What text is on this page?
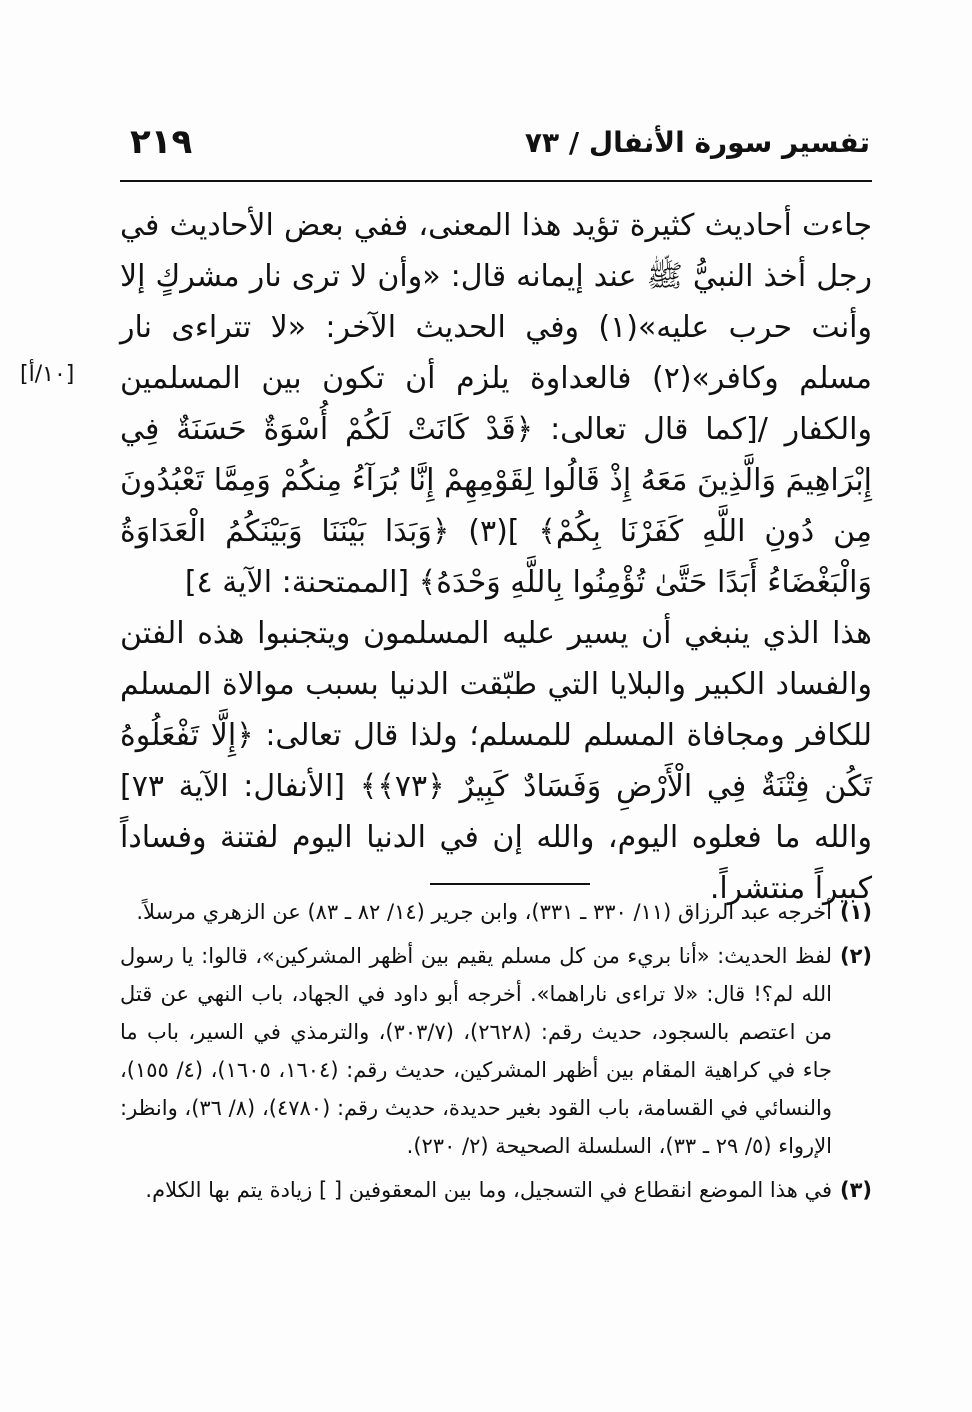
تفسير سورة الأنفال / ٧٣
٢١٩
[١٠/أ]

جاءت أحاديث كثيرة تؤيد هذا المعنى، ففي بعض الأحاديث في رجل أخذ النبيُّ ﷺ عند إيمانه قال: «وأن لا ترى نار مشركٍ إلا وأنت حرب عليه»(١) وفي الحديث الآخر: «لا تتراءى نار مسلم وكافر»(٢) فالعداوة يلزم أن تكون بين المسلمين والكفار /[كما قال تعالى: ﴿قَدْ كَانَتْ لَكُمْ أُسْوَةٌ حَسَنَةٌ فِي إِبْرَاهِيمَ وَالَّذِينَ مَعَهُ إِذْ قَالُوا لِقَوْمِهِمْ إِنَّا بُرَآءُ مِنكُمْ وَمِمَّا تَعْبُدُونَ مِن دُونِ اللَّهِ كَفَرْنَا بِكُمْ﴾ ](٣) ﴿وَبَدَا بَيْنَنَا وَبَيْنَكُمُ الْعَدَاوَةُ وَالْبَغْضَاءُ أَبَدًا حَتَّىٰ تُؤْمِنُوا بِاللَّهِ وَحْدَهُ﴾ [الممتحنة: الآية ٤]

هذا الذي ينبغي أن يسير عليه المسلمون ويتجنبوا هذه الفتن والفساد الكبير والبلايا التي طبّقت الدنيا بسبب موالاة المسلم للكافر ومجافاة المسلم للمسلم؛ ولذا قال تعالى: ﴿إِلَّا تَفْعَلُوهُ تَكُن فِتْنَةٌ فِي الْأَرْضِ وَفَسَادٌ كَبِيرٌ ﴿٧٣﴾﴾ [الأنفال: الآية ٧٣] والله ما فعلوه اليوم، والله إن في الدنيا اليوم لفتنة وفساداً كبيراً منتشراً.

(١)
أخرجه عبد الرزاق (١١/ ٣٣٠ ـ ٣٣١)، وابن جرير (١٤/ ٨٢ ـ ٨٣) عن الزهري مرسلاً.
(٢)
لفظ الحديث: «أنا بريء من كل مسلم يقيم بين أظهر المشركين»، قالوا: يا رسول الله لم؟! قال: «لا تراءى ناراهما». أخرجه أبو داود في الجهاد، باب النهي عن قتل من اعتصم بالسجود، حديث رقم: (٢٦٢٨)، (٣٠٣/٧)، والترمذي في السير، باب ما جاء في كراهية المقام بين أظهر المشركين، حديث رقم: (١٦٠٤، ١٦٠٥)، (٤/ ١٥٥)، والنسائي في القسامة، باب القود بغير حديدة، حديث رقم: (٤٧٨٠)، (٨/ ٣٦)، وانظر: الإرواء (٥/ ٢٩ ـ ٣٣)، السلسلة الصحيحة (٢/ ٢٣٠).
(٣)
في هذا الموضع انقطاع في التسجيل، وما بين المعقوفين [ ] زيادة يتم بها الكلام.
